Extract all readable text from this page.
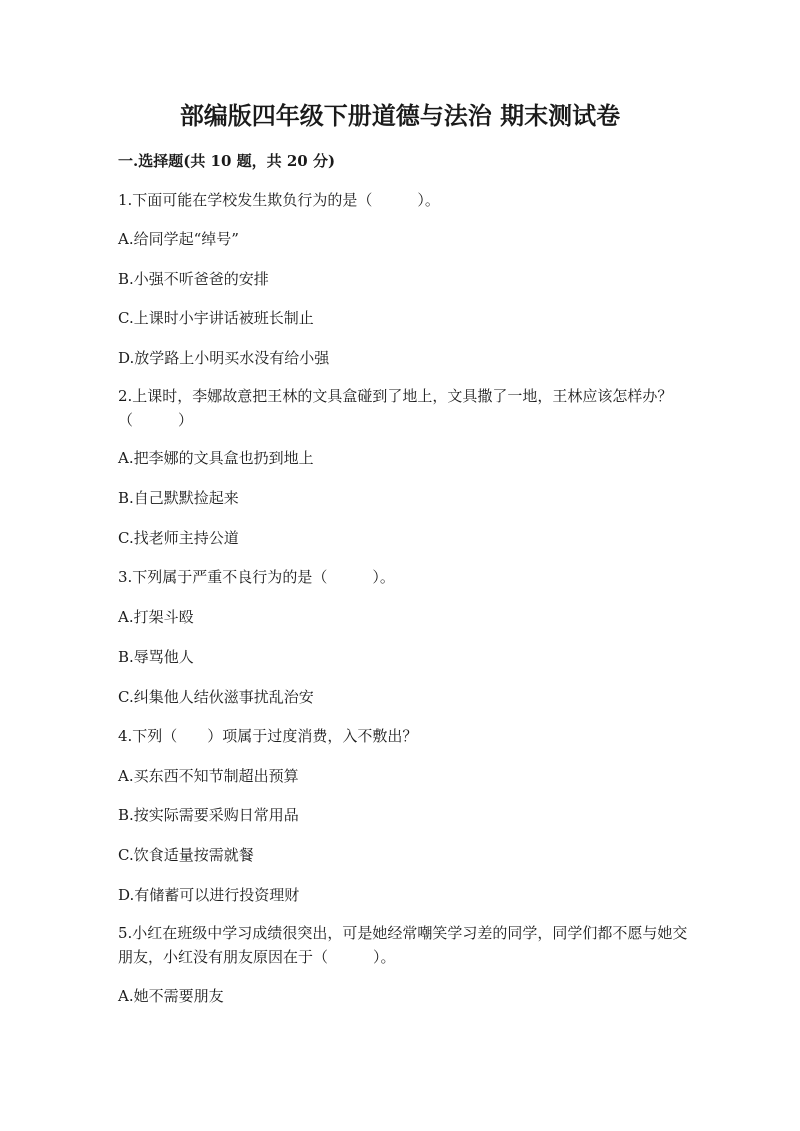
部编版四年级下册道德与法治 期末测试卷
一.选择题(共 10 题，共 20 分)
1.下面可能在学校发生欺负行为的是（　　　）。
A.给同学起“绰号”
B.小强不听爸爸的安排
C.上课时小宇讲话被班长制止
D.放学路上小明买水没有给小强
2.上课时，李娜故意把王林的文具盒碰到了地上，文具撒了一地，王林应该怎样办？（　　　）
A.把李娜的文具盒也扔到地上
B.自己默默捡起来
C.找老师主持公道
3.下列属于严重不良行为的是（　　　）。
A.打架斗殴
B.辱骂他人
C.纠集他人结伙滋事扰乱治安
4.下列（　　）项属于过度消费，入不敷出？
A.买东西不知节制超出预算
B.按实际需要采购日常用品
C.饮食适量按需就餐
D.有储蓄可以进行投资理财
5.小红在班级中学习成绩很突出，可是她经常嘲笑学习差的同学，同学们都不愿与她交朋友，小红没有朋友原因在于（　　　）。
A.她不需要朋友
